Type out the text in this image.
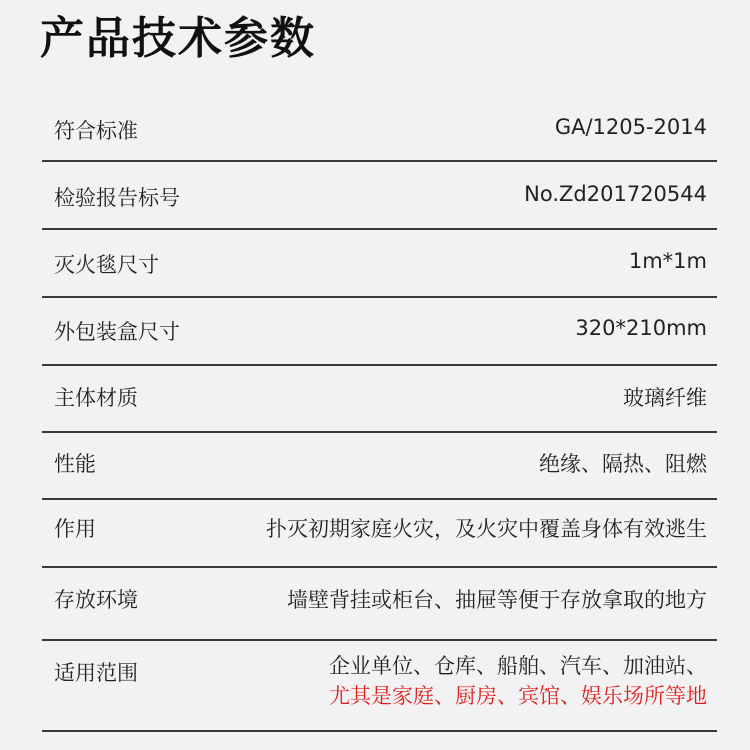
产品技术参数
符合标准	GA/1205-2014
检验报告标号	No.Zd201720544
灭火毯尺寸	1m*1m
外包装盒尺寸	320*210mm
主体材质	玻璃纤维
性能	绝缘、隔热、阻燃
作用	扑灭初期家庭火灾，及火灾中覆盖身体有效逃生
存放环境	墙壁背挂或柜台、抽屉等便于存放拿取的地方
适用范围	企业单位、仓库、船舶、汽车、加油站、
尤其是家庭、厨房、宾馆、娱乐场所等地
